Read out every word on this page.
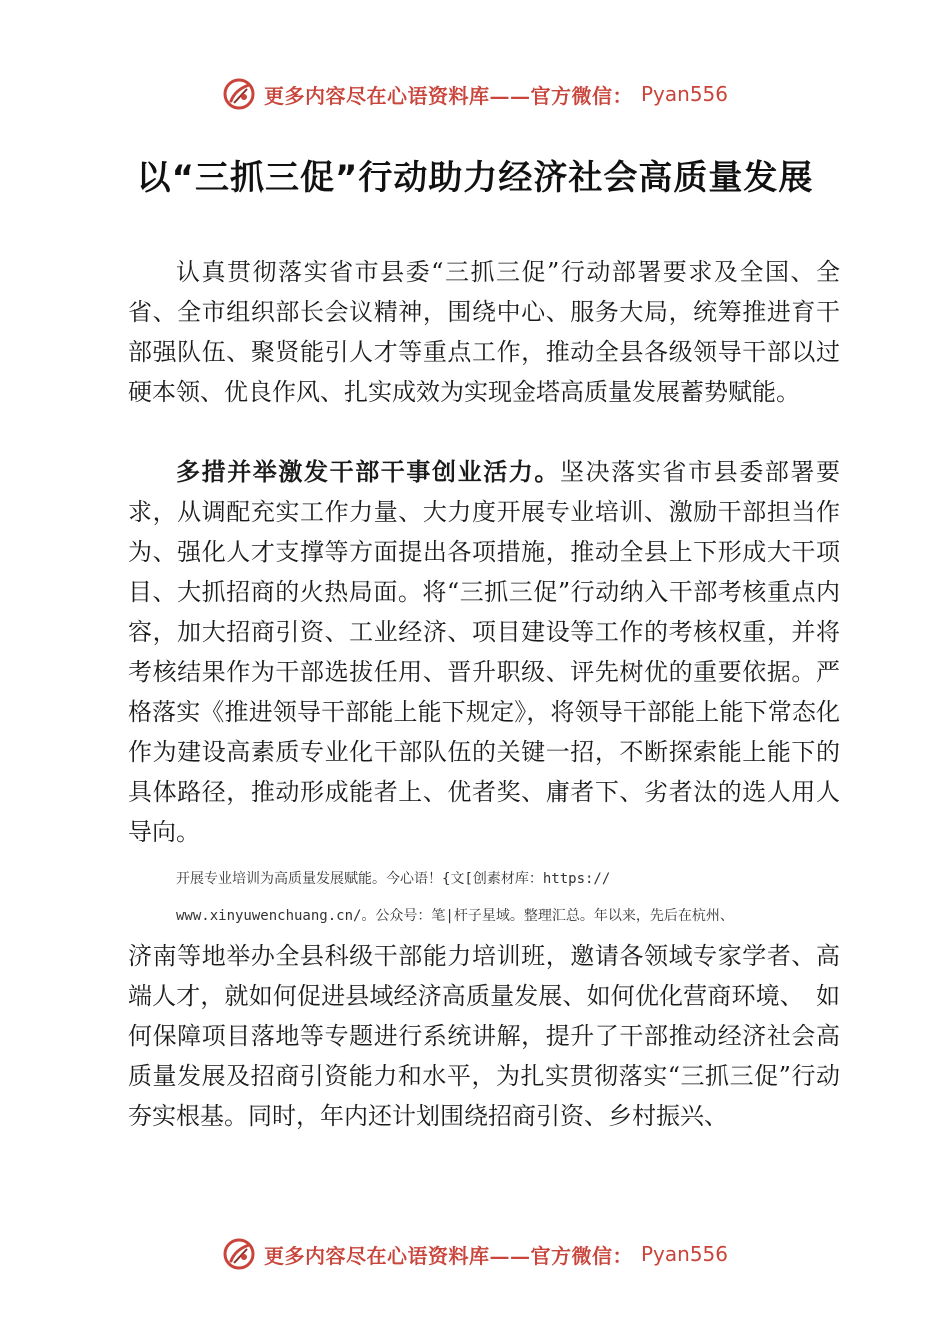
更多内容尽在心语资料库——官方微信： Pyan556
以“三抓三促”行动助力经济社会高质量发展

认真贯彻落实省市县委“三抓三促”行动部署要求及全国、全省、全市组织部长会议精神，围绕中心、服务大局，统筹推进育干部强队伍、聚贤能引人才等重点工作，推动全县各级领导干部以过硬本领、优良作风、扎实成效为实现金塔高质量发展蓄势赋能。

多措并举激发干部干事创业活力。坚决落实省市县委部署要求，从调配充实工作力量、大力度开展专业培训、激励干部担当作为、强化人才支撑等方面提出各项措施，推动全县上下形成大干项目、大抓招商的火热局面。将“三抓三促”行动纳入干部考核重点内容，加大招商引资、工业经济、项目建设等工作的考核权重，并将考核结果作为干部选拔任用、晋升职级、评先树优的重要依据。严格落实《推进领导干部能上能下规定》，将领导干部能上能下常态化作为建设高素质专业化干部队伍的关键一招，不断探索能上能下的具体路径，推动形成能者上、优者奖、庸者下、劣者汰的选人用人导向。

开展专业培训为高质量发展赋能。今心语！{文[创素材库：https://

www.xinyuwenchuang.cn/。公众号：笔|杆子星域。整理汇总。年以来，先后在杭州、

济南等地举办全县科级干部能力培训班，邀请各领域专家学者、高端人才，就如何促进县域经济高质量发展、如何优化营商环境、　如何保障项目落地等专题进行系统讲解，提升了干部推动经济社会高质量发展及招商引资能力和水平，为扎实贯彻落实“三抓三促”行动夯实根基。同时，年内还计划围绕招商引资、乡村振兴、

更多内容尽在心语资料库——官方微信： Pyan556
